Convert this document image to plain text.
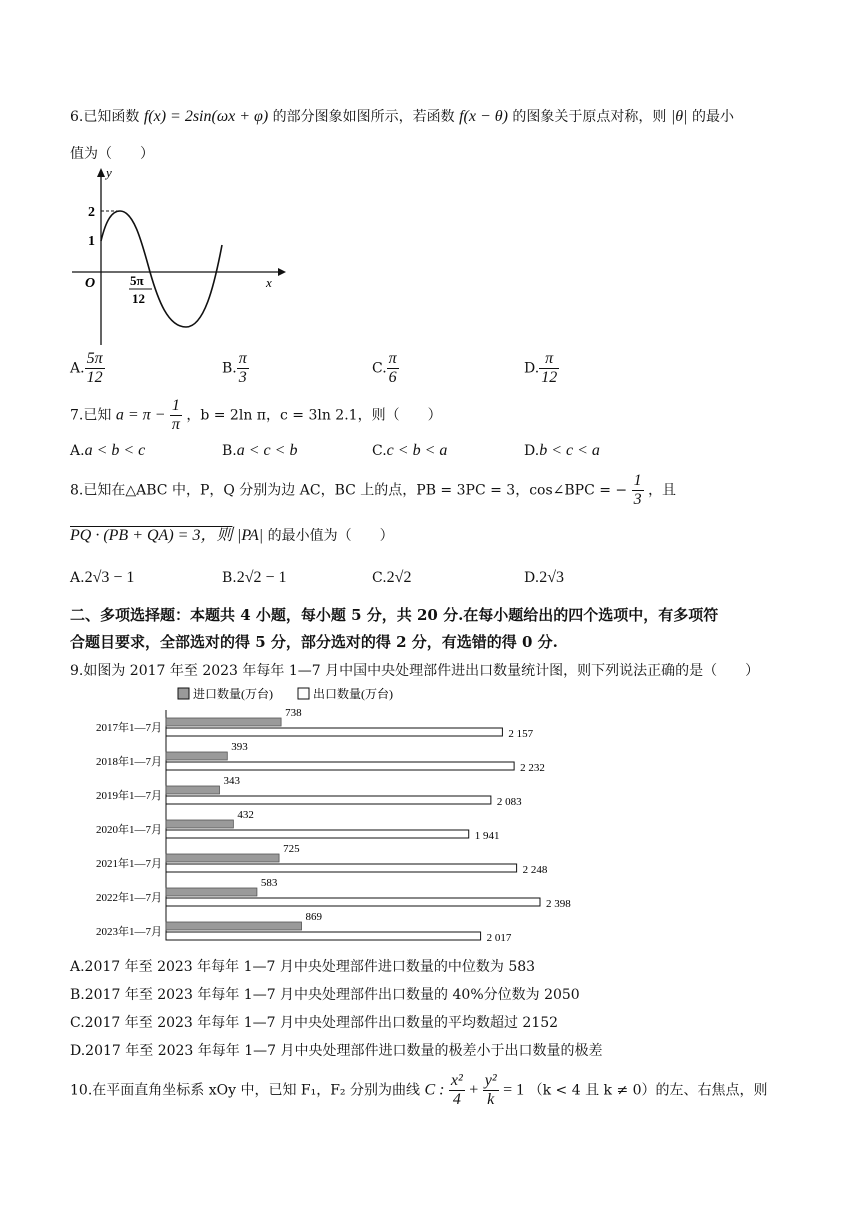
6.已知函数 f(x) = 2sin(ωx + φ) 的部分图象如图所示，若函数 f(x − θ) 的图象关于原点对称，则 |θ| 的最小
值为（　　）
y
x
O
2
1
5π
12
A. $\frac{5\pi}{12}$	B. $\frac{\pi}{3}$	C. $\frac{\pi}{6}$	D. $\frac{\pi}{12}$
7.已知 $a = \pi - \frac{1}{\pi}$ ，b = 2ln π，c = 3ln 2.1，则（　　）
A.a < b < c	B.a < c < b	C.c < b < a	D.b < c < a
8.已知在△ABC 中，P，Q 分别为边 AC，BC 上的点，PB = 3PC = 3，cos∠BPC = − $\frac{1}{3}$ ，且
PQ · (PB + QA) = 3，则 |PA| 的最小值为（　　）
A.2√3 − 1	B.2√2 − 1	C.2√2	D.2√3
二、多项选择题：本题共 4 小题，每小题 5 分，共 20 分.在每小题给出的四个选项中，有多项符
合题目要求，全部选对的得 5 分，部分选对的得 2 分，有选错的得 0 分.
9.如图为 2017 年至 2023 年每年 1—7 月中国中央处理部件进出口数量统计图，则下列说法正确的是（　　）
进口数量(万台)	出口数量(万台)
2017年1—7月
738
2 157
2018年1—7月
393
2 232
2019年1—7月
343
2 083
2020年1—7月
432
1 941
2021年1—7月
725
2 248
2022年1—7月
583
2 398
2023年1—7月
869
2 017
A.2017 年至 2023 年每年 1—7 月中央处理部件进口数量的中位数为 583
B.2017 年至 2023 年每年 1—7 月中央处理部件出口数量的 40%分位数为 2050
C.2017 年至 2023 年每年 1—7 月中央处理部件出口数量的平均数超过 2152
D.2017 年至 2023 年每年 1—7 月中央处理部件进口数量的极差小于出口数量的极差
10.在平面直角坐标系 xOy 中，已知 F₁，F₂ 分别为曲线 C : $\frac{\text{x²}}{4} + \frac{\text{y²}}{k} = 1$ （k < 4 且 k ≠ 0）的左、右焦点，则
